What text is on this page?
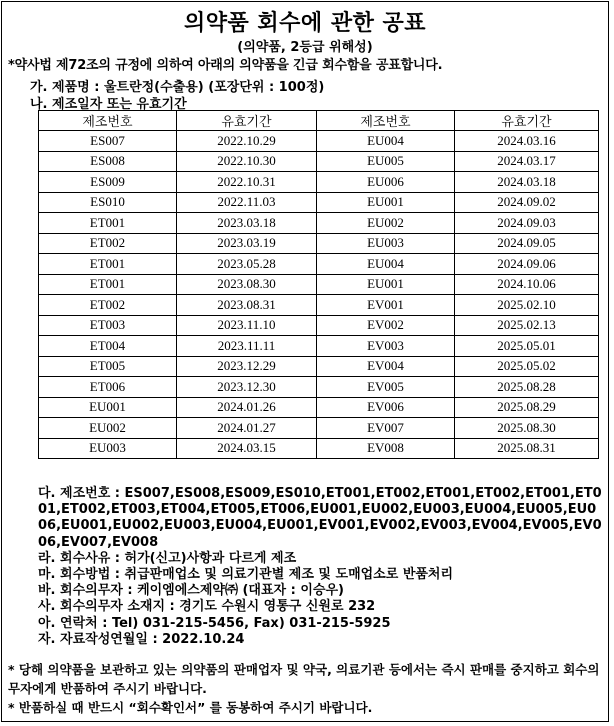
의약품 회수에 관한 공표
(의약품, 2등급 위해성)
*약사법 제72조의 규정에 의하여 아래의 의약품을 긴급 회수함을 공표합니다.
가. 제품명 : 울트란정(수출용) (포장단위 : 100정)
나. 제조일자 또는 유효기간
제조번호	유효기간	제조번호	유효기간
ES007	2022.10.29	EU004	2024.03.16
ES008	2022.10.30	EU005	2024.03.17
ES009	2022.10.31	EU006	2024.03.18
ES010	2022.11.03	EU001	2024.09.02
ET001	2023.03.18	EU002	2024.09.03
ET002	2023.03.19	EU003	2024.09.05
ET001	2023.05.28	EU004	2024.09.06
ET001	2023.08.30	EU001	2024.10.06
ET002	2023.08.31	EV001	2025.02.10
ET003	2023.11.10	EV002	2025.02.13
ET004	2023.11.11	EV003	2025.05.01
ET005	2023.12.29	EV004	2025.05.02
ET006	2023.12.30	EV005	2025.08.28
EU001	2024.01.26	EV006	2025.08.29
EU002	2024.01.27	EV007	2025.08.30
EU003	2024.03.15	EV008	2025.08.31
다. 제조번호 : ES007,ES008,ES009,ES010,ET001,ET002,ET001,ET002,ET001,ET001,ET002,ET003,ET004,ET005,ET006,EU001,EU002,EU003,EU004,EU005,EU006,EU001,EU002,EU003,EU004,EU001,EV001,EV002,EV003,EV004,EV005,EV006,EV007,EV008
라. 회수사유 : 허가(신고)사항과 다르게 제조
마. 회수방법 : 취급판매업소 및 의료기관별 제조 및 도매업소로 반품처리
바. 회수의무자 : 케이엠에스제약㈜ (대표자 : 이승우)
사. 회수의무자 소재지 : 경기도 수원시 영통구 신원로 232
아. 연락처 : Tel) 031-215-5456, Fax) 031-215-5925
자. 자료작성연월일 : 2022.10.24
* 당해 의약품을 보관하고 있는 의약품의 판매업자 및 약국, 의료기관 등에서는 즉시 판매를 중지하고 회수의무자에게 반품하여 주시기 바랍니다.
* 반품하실 때 반드시 “회수확인서” 를 동봉하여 주시기 바랍니다.
